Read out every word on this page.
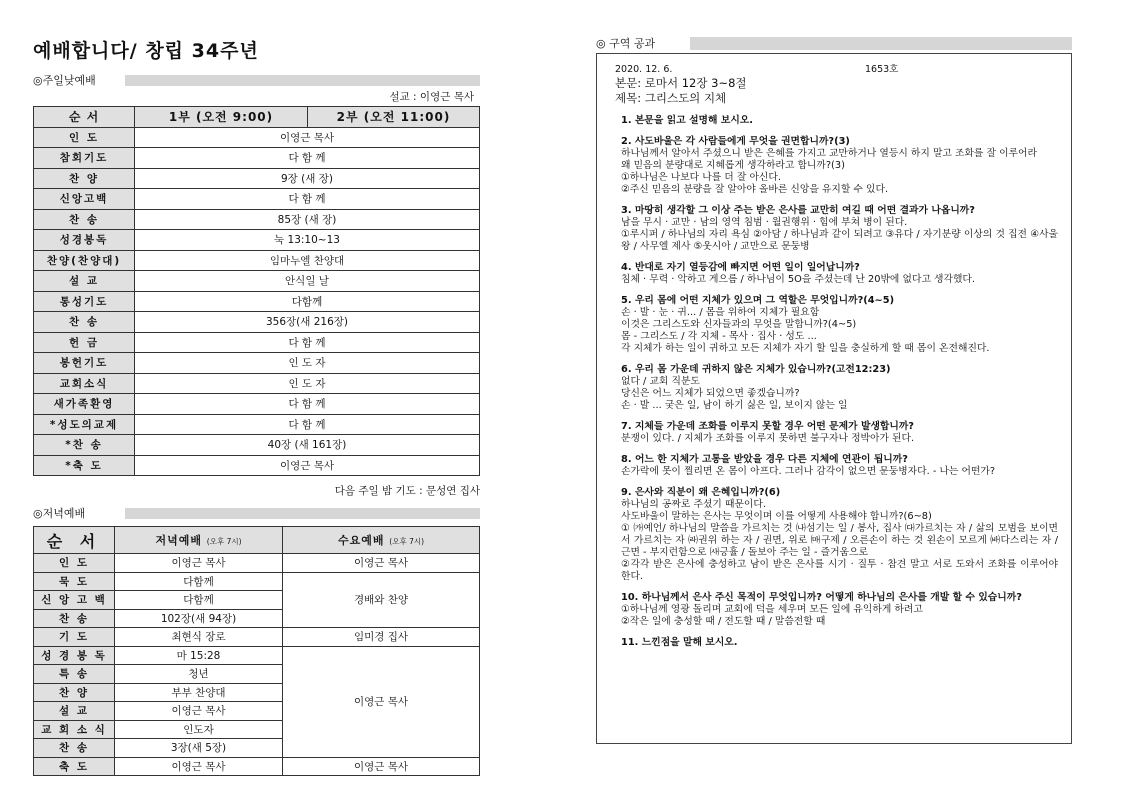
예배합니다/ 창립 34주년
◎주일낮예배
설교 : 이영근 목사
순 서	1부 (오전 9:00)	2부 (오전 11:00)
인 도	이영근 목사	
참회기도	다 함 께	
찬 양	9장 (새 장)	
신앙고백	다 함 께	
찬 송	85장 (새 장)	
성경봉독	눅 13:10~13	
찬양(찬양대)	임마누엘 찬양대	
설 교	안식일 날	
통성기도	다함께	
찬 송	356장(새 216장)	
헌 금	다 함 께	
봉헌기도	인 도 자	
교회소식	인 도 자	
새가족환영	다 함 께	
*성도의교제	다 함 께	
*찬 송	40장 (새 161장)	
*축 도	이영근 목사	
다음 주일 밤 기도 : 문성연 집사
◎저녁예배
순 서	저녁예배 (오후 7시)	수요예배 (오후 7시)
인 도	이영근 목사	이영근 목사
묵 도	다함께	경배와 찬양
신 앙 고 백	다함께	
찬 송	102장(새 94장)	
기 도	최현식 장로	임미경 집사
성 경 봉 독	마 15:28	이영근 목사
특 송	청년	
찬 양	부부 찬양대	
설 교	이영근 목사	
교 회 소 식	인도자	
찬 송	3장(새 5장)	
축 도	이영근 목사	이영근 목사
◎ 구역 공과
2020. 12. 6.	1653호
본문: 로마서 12장 3~8절
제목: 그리스도의 지체
1. 본문을 읽고 설명해 보시오.
2. 사도바울은 각 사람들에게 무엇을 권면합니까?(3)
하나님께서 알아서 주셨으니 받은 은혜를 가지고 교만하거나 열등시 하지 말고 조화를 잘 이루어라
왜 믿음의 분량대로 지혜롭게 생각하라고 합니까?(3)
①하나님은 나보다 나를 더 잘 아신다.
②주신 믿음의 분량을 잘 알아야 올바른 신앙을 유지할 수 있다.
3. 마땅히 생각할 그 이상 주는 받은 은사를 교만히 여길 때 어떤 결과가 나옵니까?
남을 무시 · 교만 · 남의 영역 침범 · 월권행위 · 힘에 부쳐 병이 된다.
①루시퍼 / 하나님의 자리 욕심 ②아담 / 하나님과 같이 되려고 ③유다 / 자기분량 이상의 것 집전 ④사울 왕 / 사무엘 제사 ⑤웃시아 / 교만으로 문둥병
4. 반대로 자기 열등감에 빠지면 어떤 일이 일어납니까?
침체 · 무력 · 악하고 게으름 / 하나님이 5O을 주셨는데 난 20밖에 없다고 생각했다.
5. 우리 몸에 어떤 지체가 있으며 그 역할은 무엇입니까?(4~5)
손 · 발 · 눈 · 귀... / 몸을 위하여 지체가 필요함
이것은 그리스도와 신자들과의 무엇을 말합니까?(4~5)
몸 - 그리스도 / 각 지체 - 목사 · 집사 · 성도 ...
각 지체가 하는 일이 귀하고 모든 지체가 자기 할 일을 충실하게 할 때 몸이 온전해진다.
6. 우리 몸 가운데 귀하지 않은 지체가 있습니까?(고전12:23)
없다 / 교회 직분도
당신은 어느 지체가 되었으면 좋겠습니까?
손 · 발 ... 궂은 일, 남이 하기 싫은 일, 보이지 않는 일
7. 지체들 가운데 조화를 이루지 못할 경우 어떤 문제가 발생합니까?
분쟁이 있다. / 지체가 조화를 이루지 못하면 불구자나 정박아가 된다.
8. 어느 한 지체가 고통을 받았을 경우 다른 지체에 연관이 됩니까?
손가락에 못이 찔리면 온 몸이 아프다. 그러나 감각이 없으면 문둥병자다. - 나는 어떤가?
9. 은사와 직분이 왜 은혜입니까?(6)
하나님의 공짜로 주셨기 때문이다.
사도바울이 말하는 은사는 무엇이며 이를 어떻게 사용해야 합니까?(6~8)
① ㈎예언/ 하나님의 말씀을 가르치는 것 ㈏섬기는 일 / 봉사, 집사 ㈐가르치는 자 / 삶의 모범을 보이면서 가르치는 자 ㈑권위 하는 자 / 권면, 위로 ㈒구제 / 오른손이 하는 것 왼손이 모르게 ㈓다스리는 자 / 근면 - 부지런함으로 ㈔긍휼 / 돌보아 주는 일 - 즐거움으로
②각각 받은 은사에 충성하고 남이 받은 은사를 시기 · 질투 · 참견 말고 서로 도와서 조화를 이루어야 한다.
10. 하나님께서 은사 주신 목적이 무엇입니까? 어떻게 하나님의 은사를 개발 할 수 있습니까?
①하나님께 영광 돌리며 교회에 덕을 세우며 모든 일에 유익하게 하려고
②작은 일에 충성할 때 / 전도할 때 / 말씀전할 때
11. 느낀점을 말해 보시오.
